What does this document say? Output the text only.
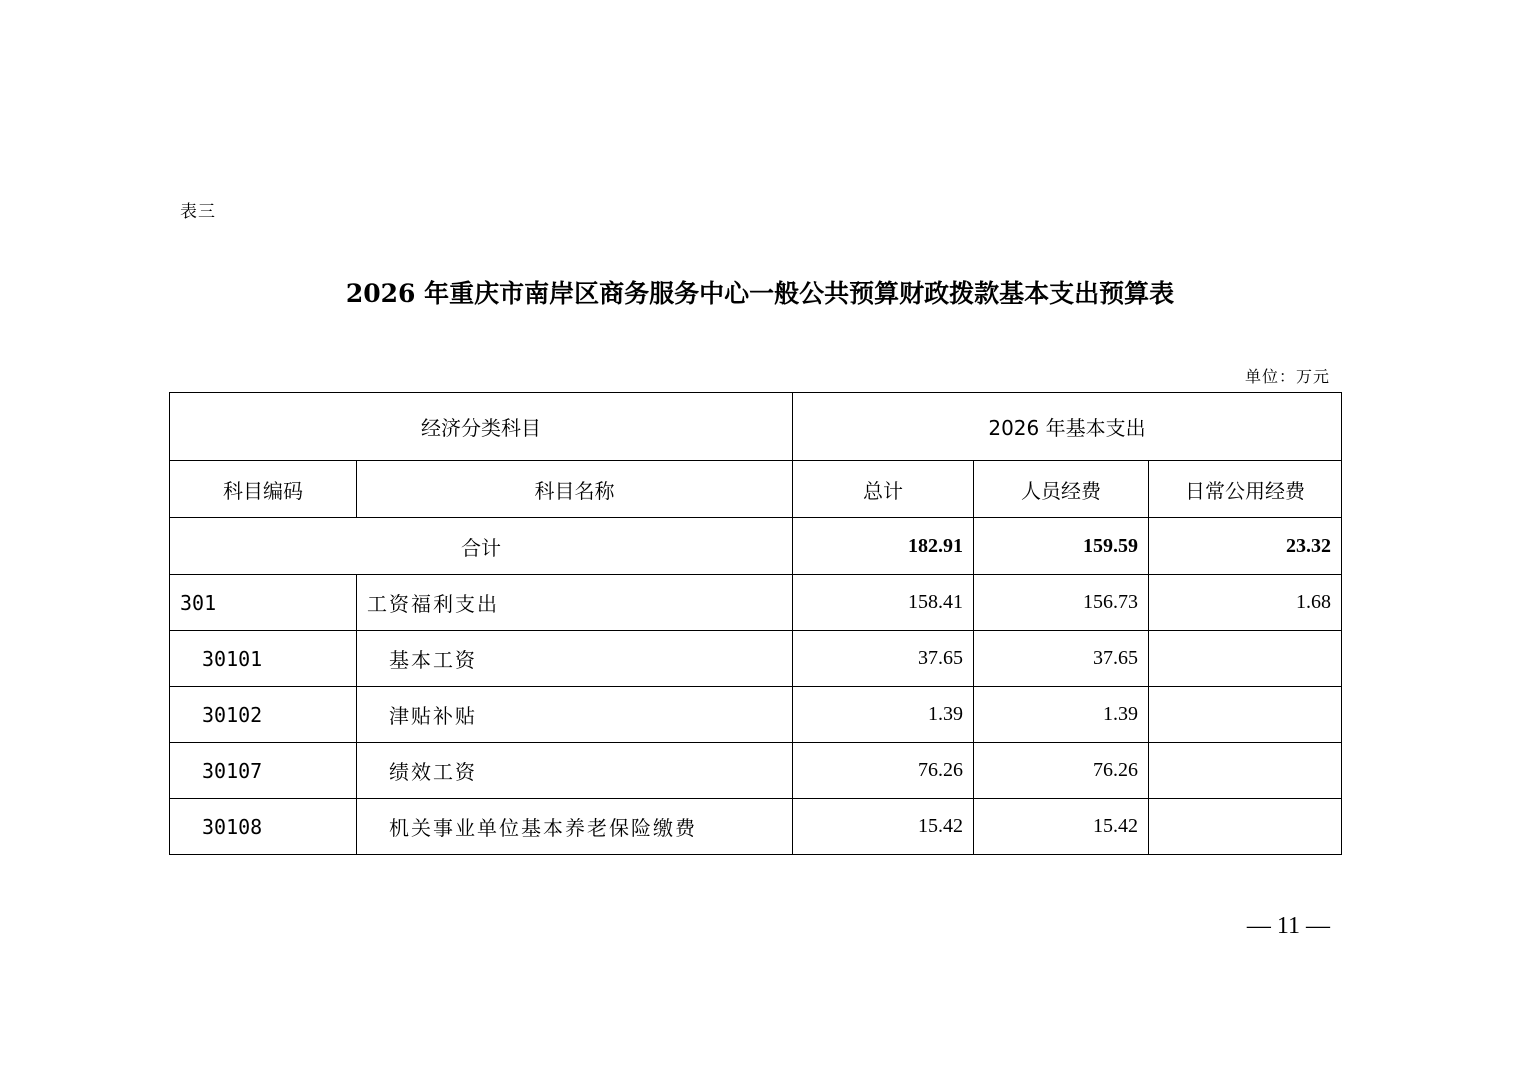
表三
2026 年重庆市南岸区商务服务中心一般公共预算财政拨款基本支出预算表
单位：万元
经济分类科目		2026 年基本支出		
科目编码	科目名称	总计	人员经费	日常公用经费
合计		182.91	159.59	23.32
301	工资福利支出	158.41	156.73	1.68
30101	基本工资	37.65	37.65	
30102	津贴补贴	1.39	1.39	
30107	绩效工资	76.26	76.26	
30108	机关事业单位基本养老保险缴费	15.42	15.42	
— 11 —
